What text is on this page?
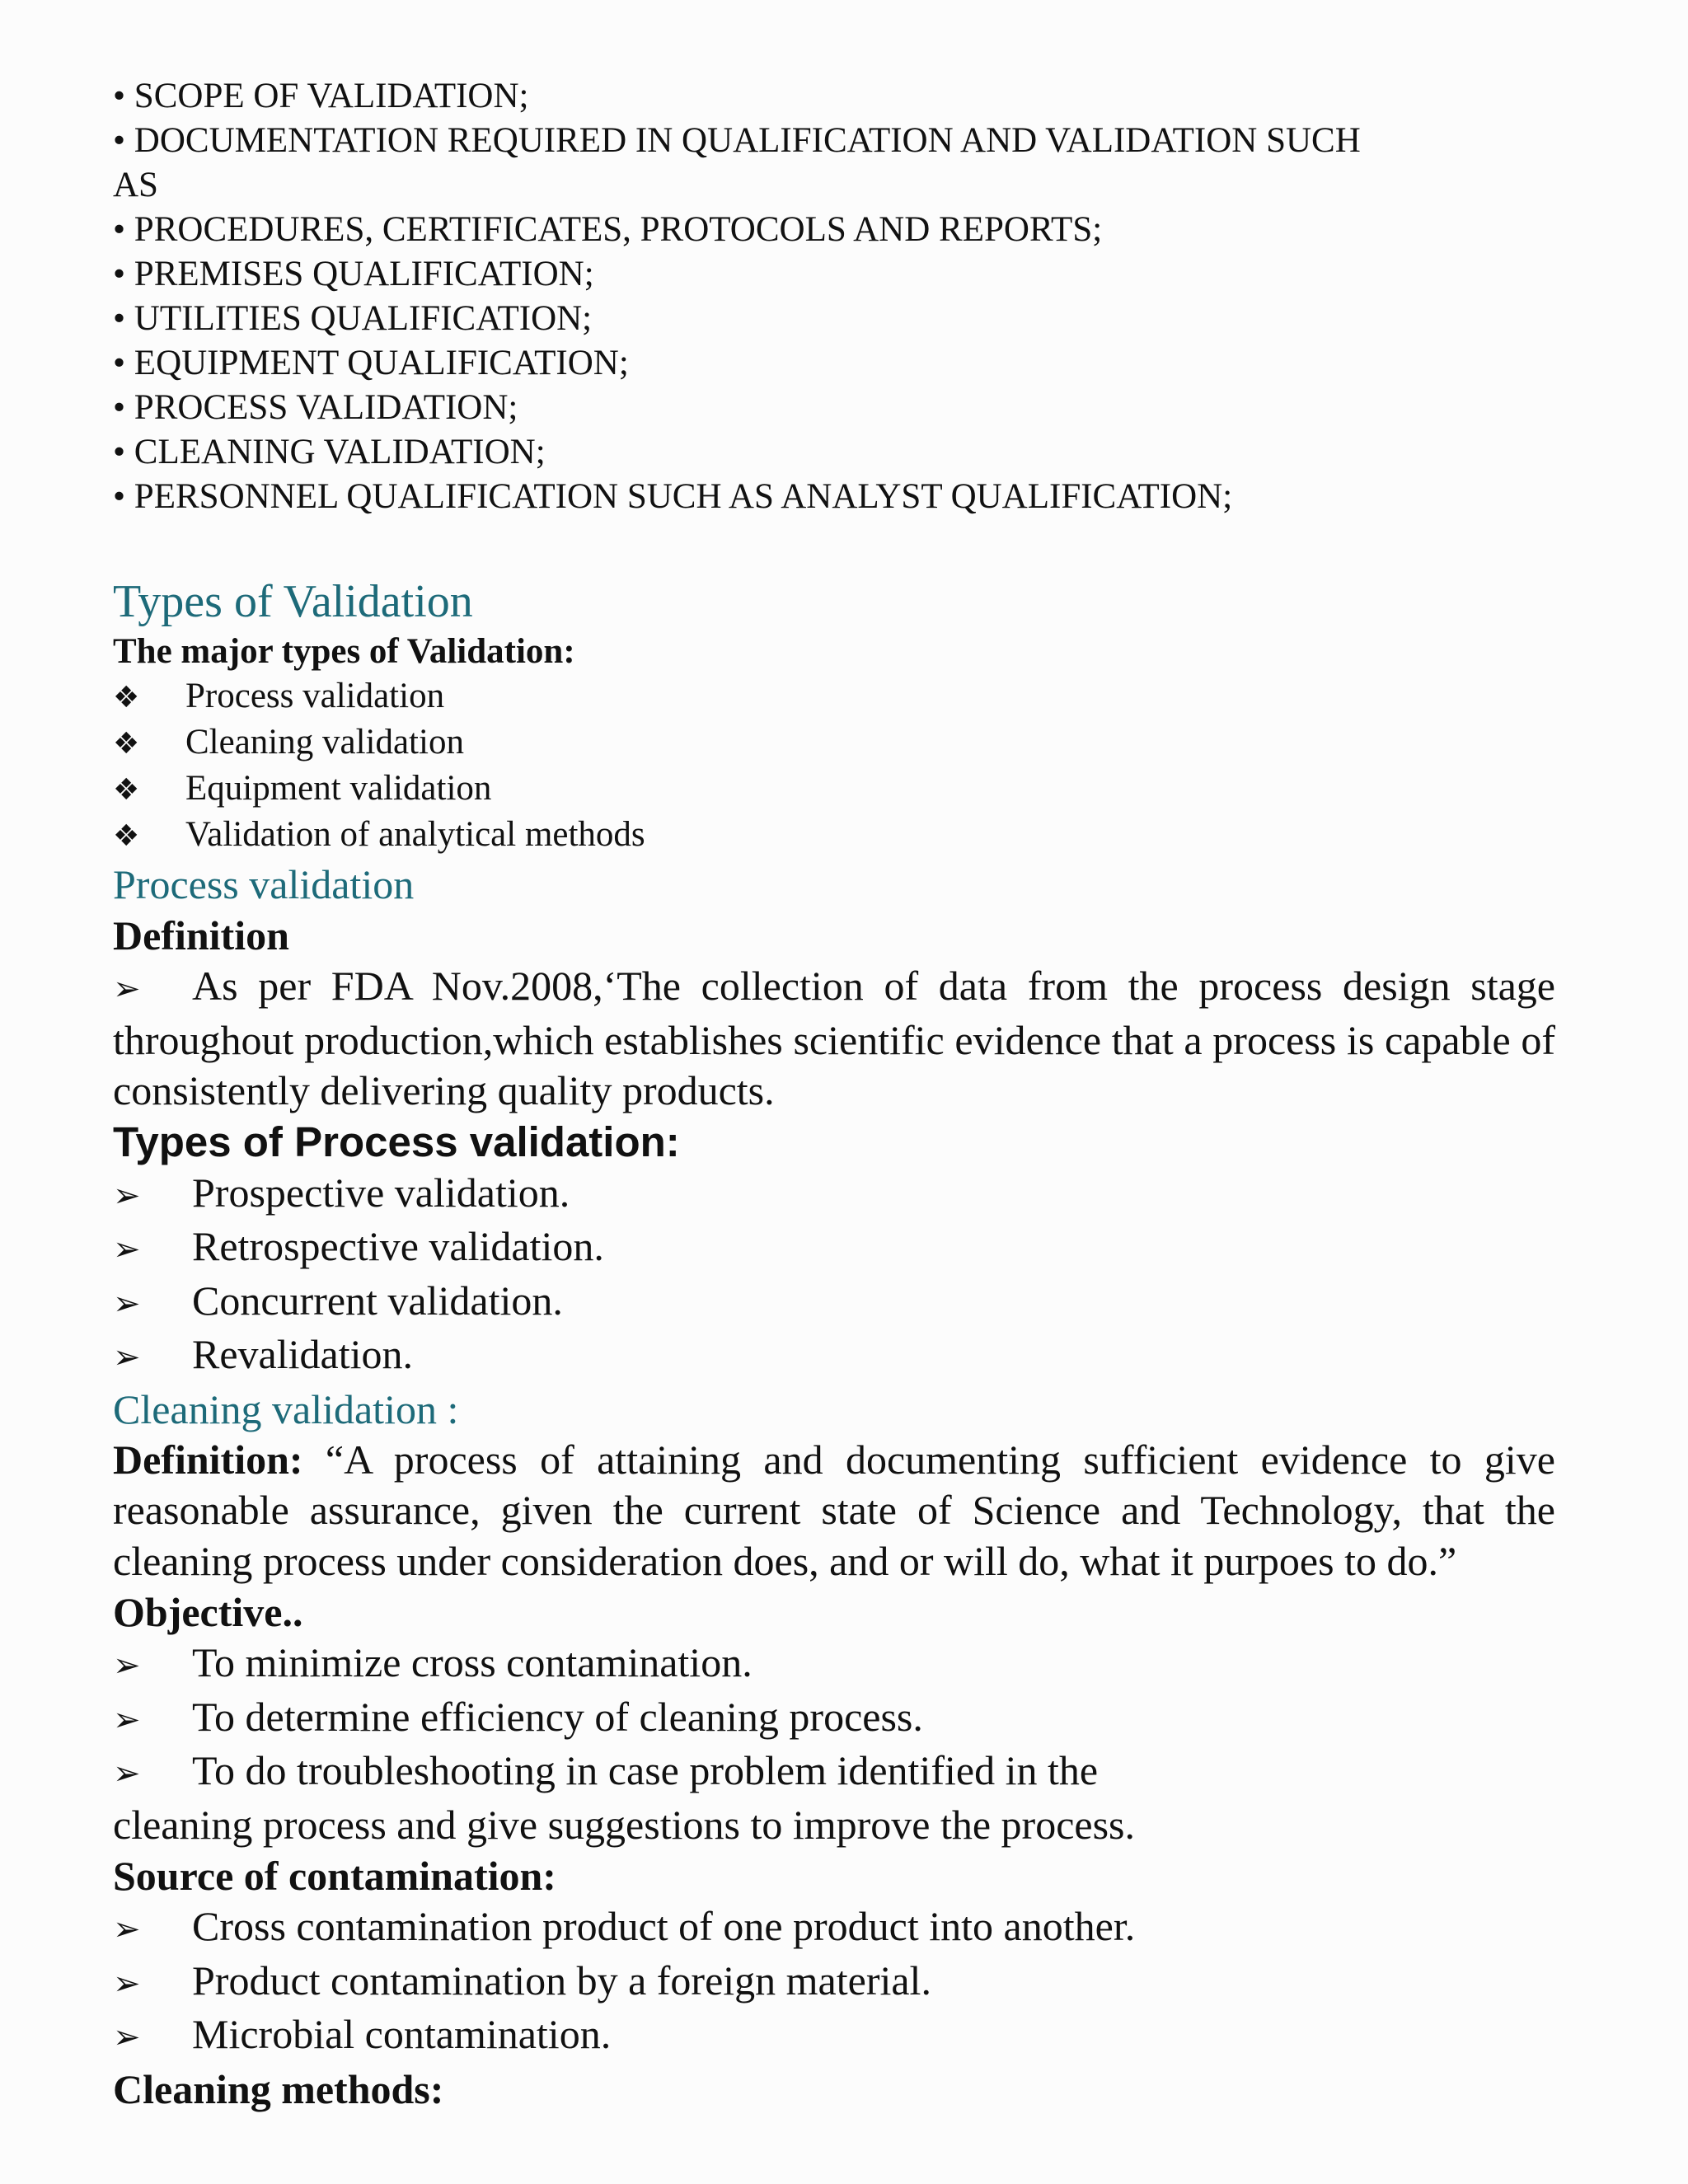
• SCOPE OF VALIDATION;

• DOCUMENTATION REQUIRED IN QUALIFICATION AND VALIDATION SUCH

AS

• PROCEDURES, CERTIFICATES, PROTOCOLS AND REPORTS;

• PREMISES QUALIFICATION;

• UTILITIES QUALIFICATION;

• EQUIPMENT QUALIFICATION;

• PROCESS VALIDATION;

• CLEANING VALIDATION;

• PERSONNEL QUALIFICATION SUCH AS ANALYST QUALIFICATION;

Types of Validation

The major types of Validation:

❖	Process validation

❖	Cleaning validation

❖	Equipment validation

❖	Validation of analytical methods

Process validation

Definition

➢ As per FDA Nov.2008,‘The collection of data from the process design stage throughout production,which establishes scientific evidence that a process is capable of consistently delivering quality products.

Types of Process validation:

➢	Prospective validation.

➢	Retrospective validation.

➢	Concurrent validation.

➢	Revalidation.

Cleaning validation :

Definition: “A process of attaining and documenting sufficient evidence to give reasonable assurance, given the current state of Science and Technology, that the cleaning process under consideration does, and or will do, what it purpoes to do.”

Objective..

➢	To minimize cross contamination.

➢	To determine efficiency of cleaning process.

➢	To do troubleshooting in case problem identified in the

cleaning process and give suggestions to improve the process.

Source of contamination:

➢	Cross contamination product of one product into another.

➢	Product contamination by a foreign material.

➢	Microbial contamination.

Cleaning methods:
